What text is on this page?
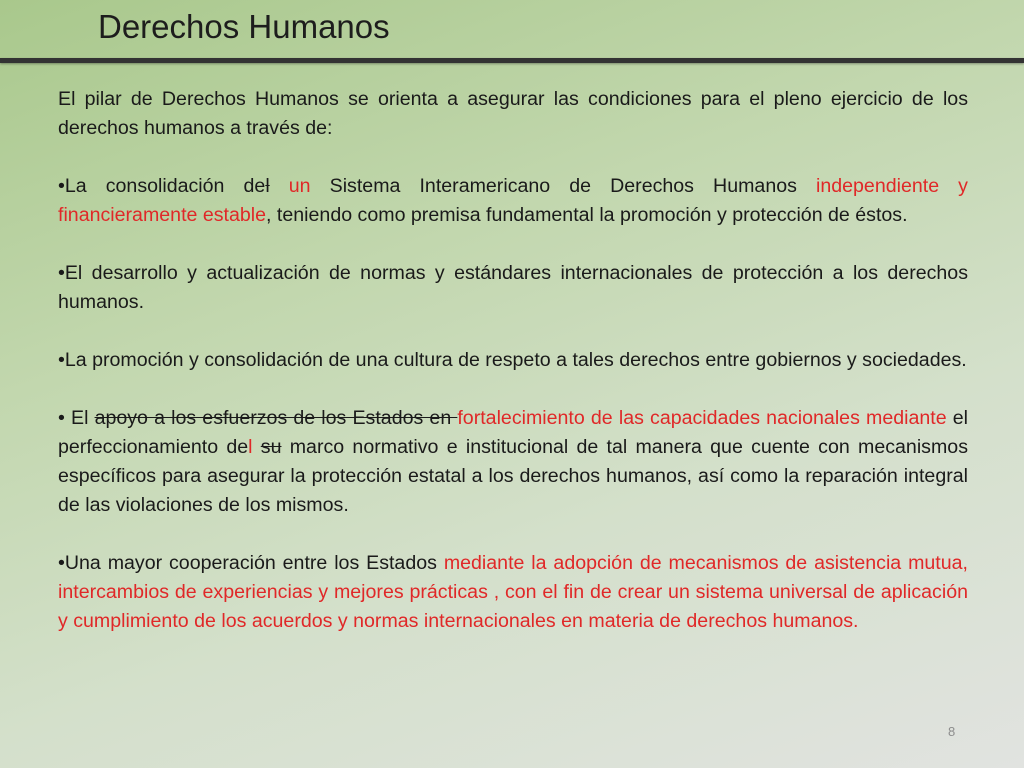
Derechos Humanos

El pilar de Derechos Humanos se orienta a asegurar las condiciones para el pleno ejercicio de los derechos humanos a través de:

•La consolidación del un Sistema Interamericano de Derechos Humanos independiente y financieramente estable, teniendo como premisa fundamental la promoción y protección de éstos.

•El desarrollo y actualización de normas y estándares internacionales de protección a los derechos humanos.

•La promoción y consolidación de una cultura de respeto a tales derechos entre gobiernos y sociedades.

• El apoyo a los esfuerzos de los Estados en fortalecimiento de las capacidades nacionales mediante el perfeccionamiento del su marco normativo e institucional de tal manera que cuente con mecanismos específicos para asegurar la protección estatal a los derechos humanos, así como la reparación integral de las violaciones de los mismos.

•Una mayor cooperación entre los Estados mediante la adopción de mecanismos de asistencia mutua, intercambios de experiencias y mejores prácticas , con el fin de crear un sistema universal de aplicación y cumplimiento de los acuerdos y normas internacionales en materia de derechos humanos.

8
